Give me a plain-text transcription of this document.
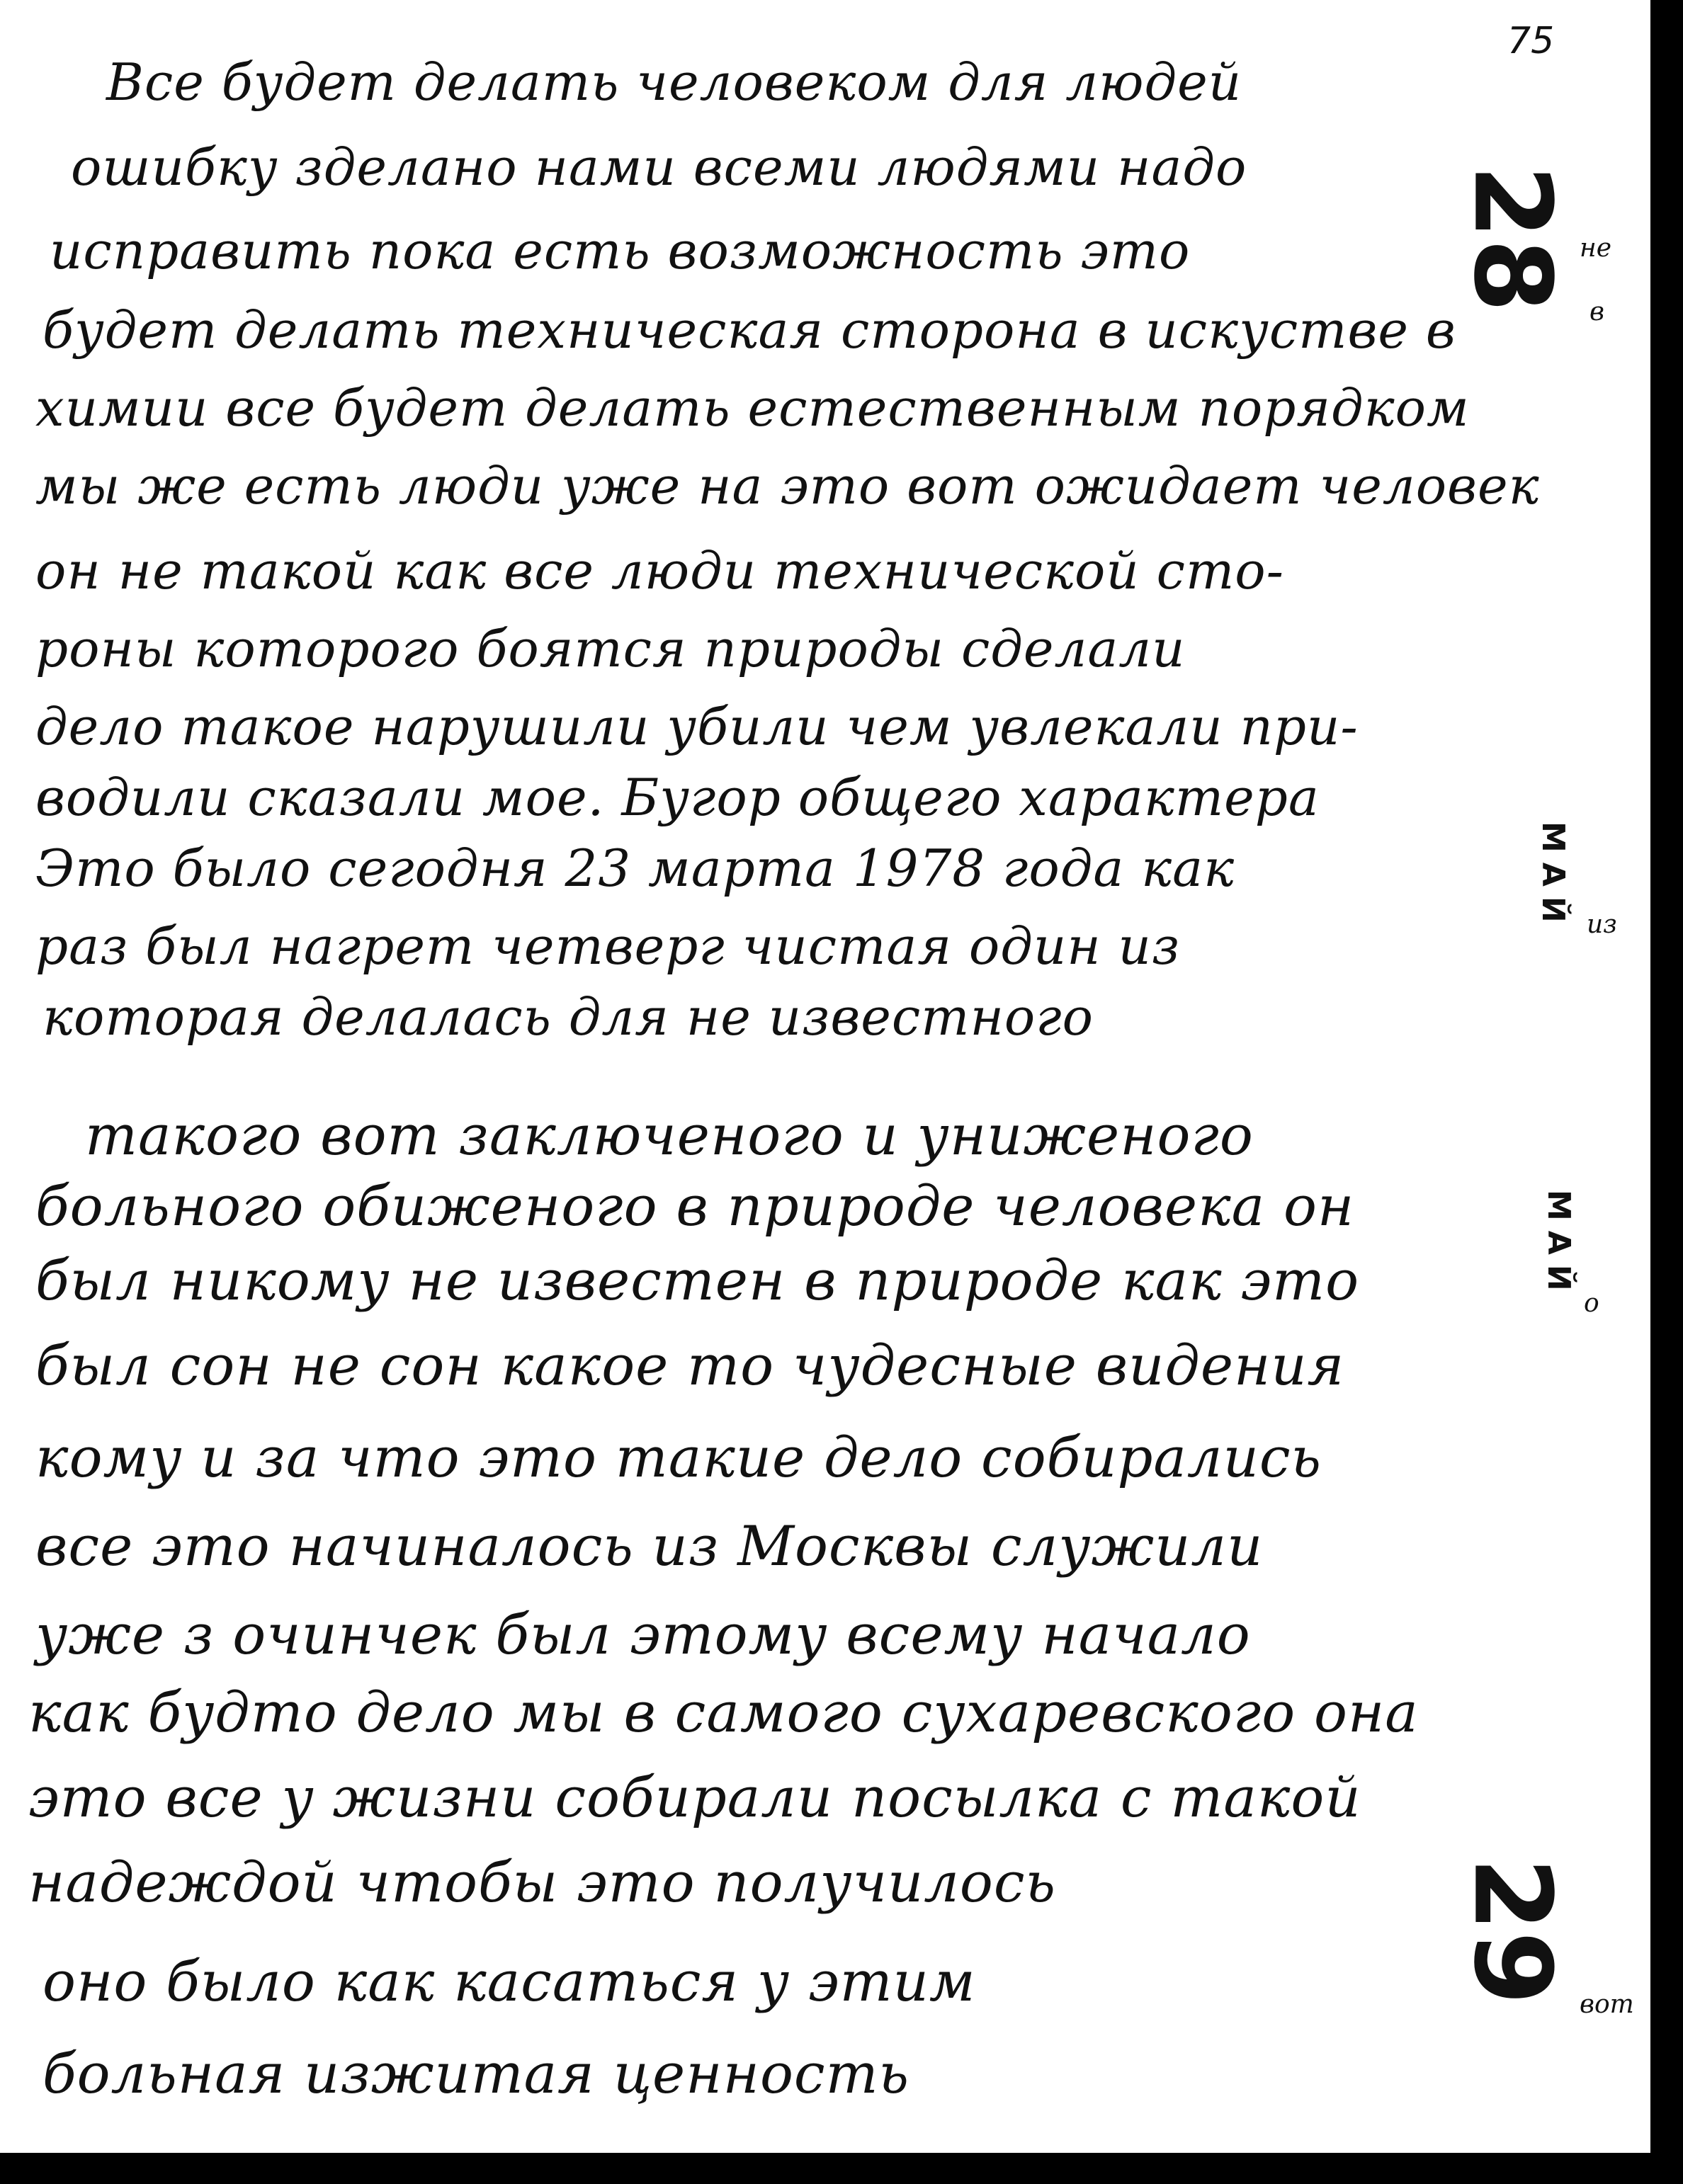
75
28
29
МАЙ
МАЙ
не
в
из
о
вот

Все будет делать человеком для людей

ошибку зделано нами всеми людями надо

исправить пока есть возможность это

будет делать техническая сторона в искустве в

химии все будет делать естественным порядком

мы же есть люди уже на это вот ожидает человек

он не такой как все люди технической сто-

роны которого боятся природы сделали

дело такое нарушили убили чем увлекали при-

водили сказали мое. Бугор общего характера

Это было сегодня 23 марта 1978 года как

раз был нагрет четверг чистая один из

которая делалась для не известного

такого вот заключеного и униженого

больного обиженого в природе человека он

был никому не известен в природе как это

был сон не сон какое то чудесные видения

кому и за что это такие дело собирались

все это начиналось из Москвы служили

уже з очинчек был этому всему начало

как будто дело мы в самого сухаревского она

это все у жизни собирали посылка с такой

надеждой чтобы это получилось

оно было как касаться у этим

больная изжитая ценность
